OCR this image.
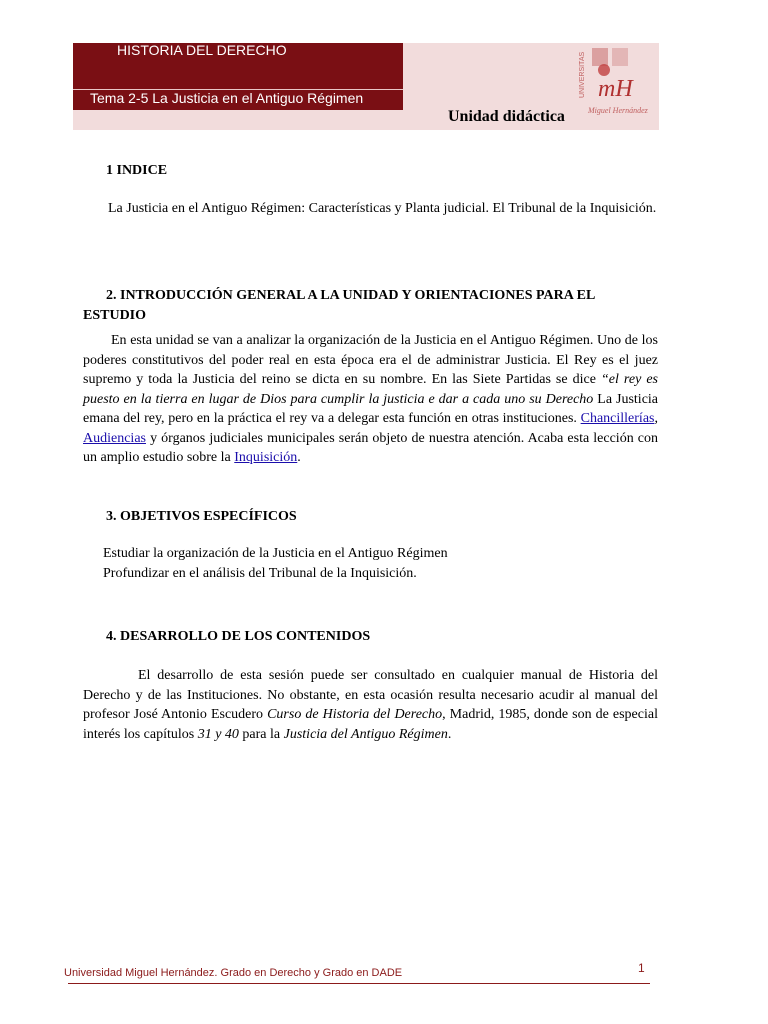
HISTORIA DEL DERECHO
Tema 2-5 La Justicia en el Antiguo Régimen
Unidad didáctica
UNIVERSITAS mH
Miguel Hernández
1 INDICE
La Justicia en el Antiguo Régimen: Características y Planta judicial. El Tribunal de la Inquisición.
2. INTRODUCCIÓN GENERAL A LA UNIDAD Y ORIENTACIONES PARA EL
ESTUDIO
En esta unidad se van a analizar la organización de la Justicia en el Antiguo Régimen. Uno de los poderes constitutivos del poder real en esta época era el de administrar Justicia. El Rey es el juez supremo y toda la Justicia del reino se dicta en su nombre. En las Siete Partidas se dice “el rey es puesto en la tierra en lugar de Dios para cumplir la justicia e dar a cada uno su Derecho La Justicia emana del rey, pero en la práctica el rey va a delegar esta función en otras instituciones. Chancillerías, Audiencias y órganos judiciales municipales serán objeto de nuestra atención. Acaba esta lección con un amplio estudio sobre la Inquisición.
3. OBJETIVOS ESPECÍFICOS
Estudiar la organización de la Justicia en el Antiguo Régimen
Profundizar en el análisis del Tribunal de la Inquisición.
4. DESARROLLO DE LOS CONTENIDOS
El desarrollo de esta sesión puede ser consultado en cualquier manual de Historia del Derecho y de las Instituciones. No obstante, en esta ocasión resulta necesario acudir al manual del profesor José Antonio Escudero Curso de Historia del Derecho, Madrid, 1985, donde son de especial interés los capítulos 31 y 40 para la Justicia del Antiguo Régimen.
Universidad Miguel Hernández. Grado en Derecho y Grado en DADE	1
